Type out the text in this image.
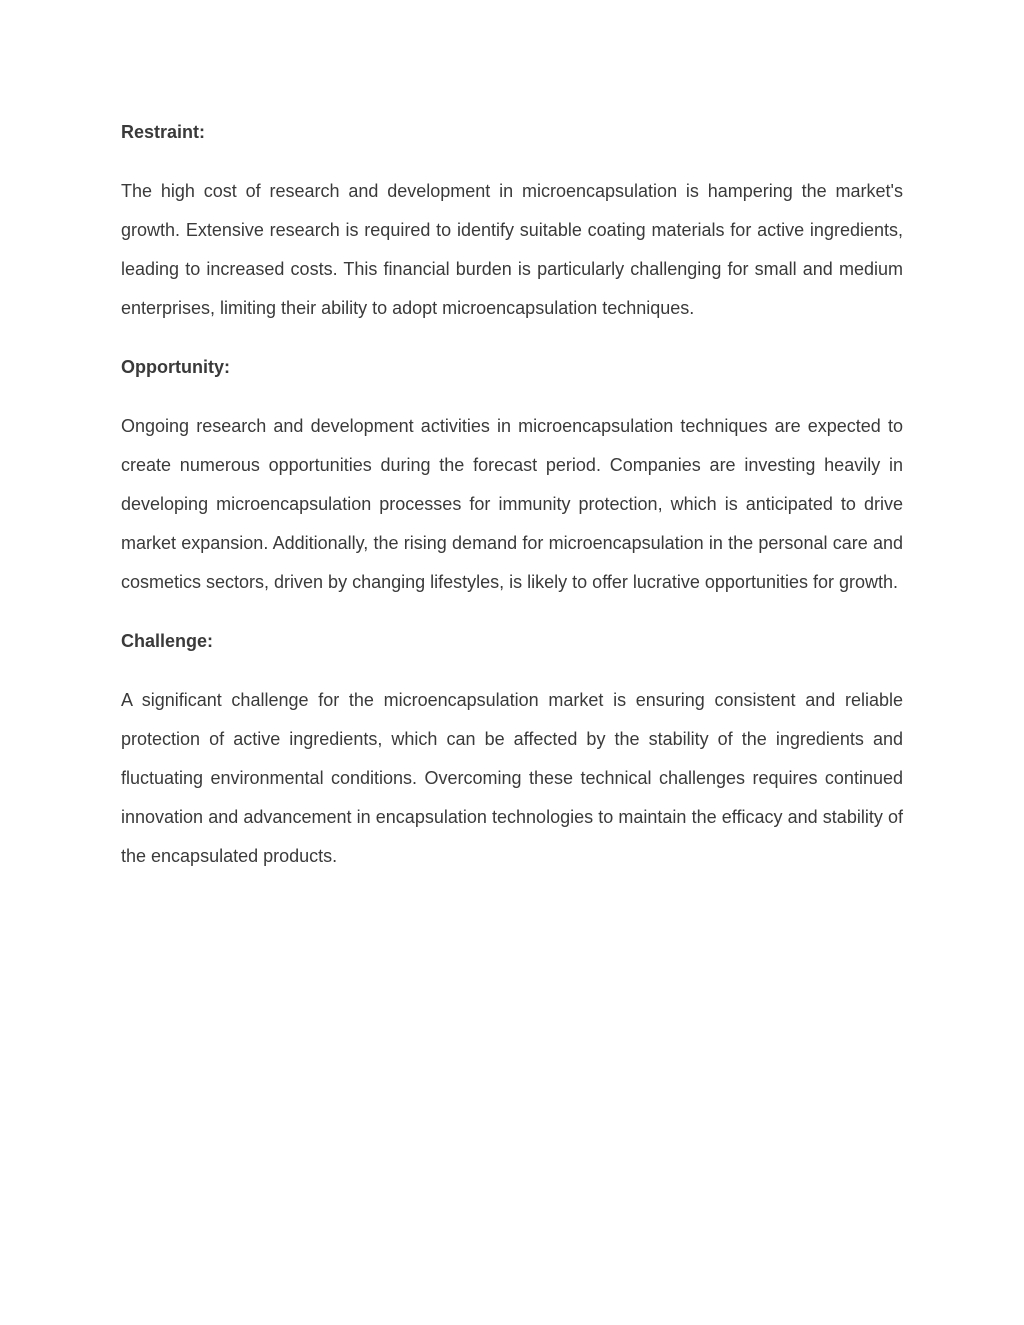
Restraint:

The high cost of research and development in microencapsulation is hampering the market's growth. Extensive research is required to identify suitable coating materials for active ingredients, leading to increased costs. This financial burden is particularly challenging for small and medium enterprises, limiting their ability to adopt microencapsulation techniques.

Opportunity:

Ongoing research and development activities in microencapsulation techniques are expected to create numerous opportunities during the forecast period. Companies are investing heavily in developing microencapsulation processes for immunity protection, which is anticipated to drive market expansion. Additionally, the rising demand for microencapsulation in the personal care and cosmetics sectors, driven by changing lifestyles, is likely to offer lucrative opportunities for growth.

Challenge:

A significant challenge for the microencapsulation market is ensuring consistent and reliable protection of active ingredients, which can be affected by the stability of the ingredients and fluctuating environmental conditions. Overcoming these technical challenges requires continued innovation and advancement in encapsulation technologies to maintain the efficacy and stability of the encapsulated products.
